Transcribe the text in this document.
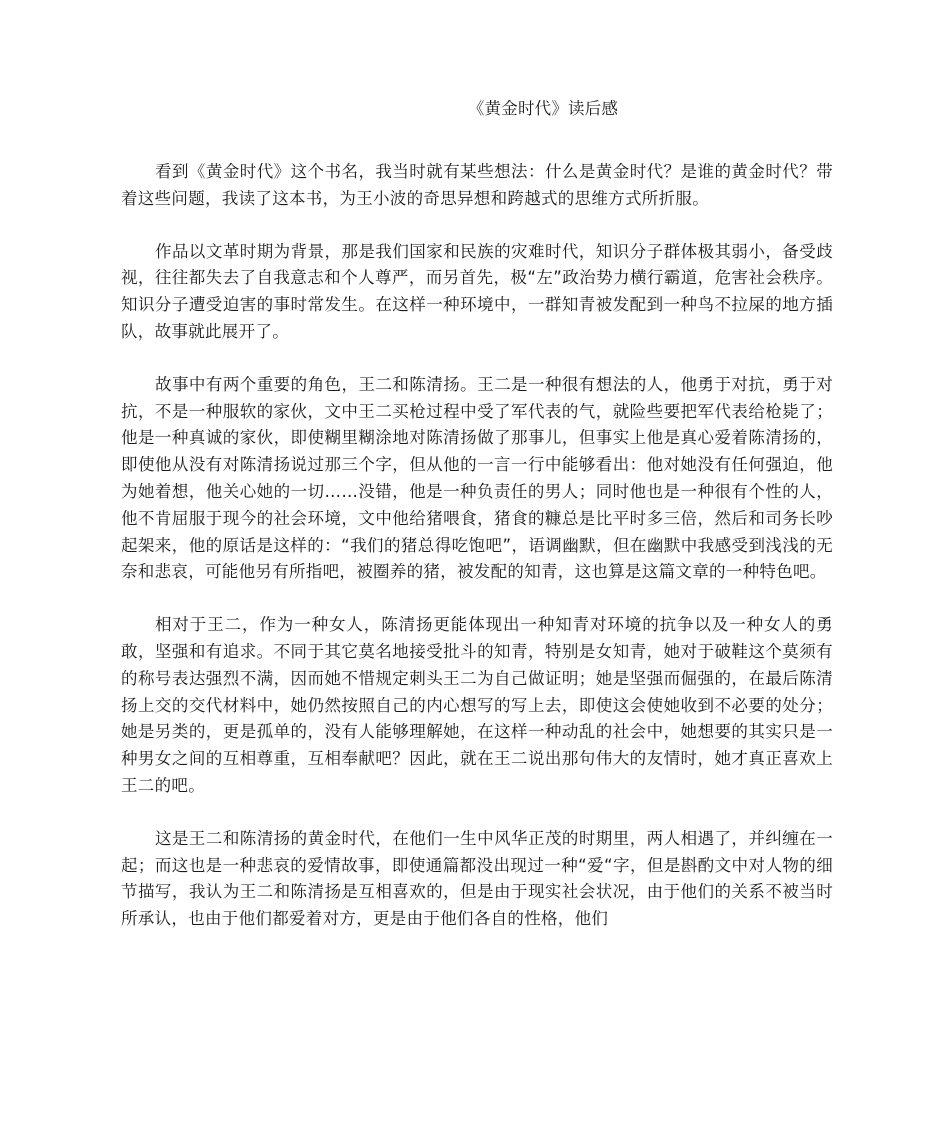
《黄金时代》读后感

看到《黄金时代》这个书名，我当时就有某些想法：什么是黄金时代？是谁的黄金时代？带着这些问题，我读了这本书，为王小波的奇思异想和跨越式的思维方式所折服。

作品以文革时期为背景，那是我们国家和民族的灾难时代，知识分子群体极其弱小，备受歧视，往往都失去了自我意志和个人尊严，而另首先，极“左”政治势力横行霸道，危害社会秩序。知识分子遭受迫害的事时常发生。在这样一种环境中，一群知青被发配到一种鸟不拉屎的地方插队，故事就此展开了。

故事中有两个重要的角色，王二和陈清扬。王二是一种很有想法的人，他勇于对抗，勇于对抗，不是一种服软的家伙，文中王二买枪过程中受了军代表的气，就险些要把军代表给枪毙了；他是一种真诚的家伙，即使糊里糊涂地对陈清扬做了那事儿，但事实上他是真心爱着陈清扬的，即使他从没有对陈清扬说过那三个字，但从他的一言一行中能够看出：他对她没有任何强迫，他为她着想，他关心她的一切……没错，他是一种负责任的男人；同时他也是一种很有个性的人，他不肯屈服于现今的社会环境，文中他给猪喂食，猪食的糠总是比平时多三倍，然后和司务长吵起架来，他的原话是这样的：“我们的猪总得吃饱吧”，语调幽默，但在幽默中我感受到浅浅的无奈和悲哀，可能他另有所指吧，被圈养的猪，被发配的知青，这也算是这篇文章的一种特色吧。

相对于王二，作为一种女人，陈清扬更能体现出一种知青对环境的抗争以及一种女人的勇敢，坚强和有追求。不同于其它莫名地接受批斗的知青，特别是女知青，她对于破鞋这个莫须有的称号表达强烈不满，因而她不惜规定刺头王二为自己做证明；她是坚强而倔强的，在最后陈清扬上交的交代材料中，她仍然按照自己的内心想写的写上去，即使这会使她收到不必要的处分；她是另类的，更是孤单的，没有人能够理解她，在这样一种动乱的社会中，她想要的其实只是一种男女之间的互相尊重，互相奉献吧？因此，就在王二说出那句伟大的友情时，她才真正喜欢上王二的吧。

这是王二和陈清扬的黄金时代，在他们一生中风华正茂的时期里，两人相遇了，并纠缠在一起；而这也是一种悲哀的爱情故事，即使通篇都没出现过一种“爱“字，但是斟酌文中对人物的细节描写，我认为王二和陈清扬是互相喜欢的，但是由于现实社会状况，由于他们的关系不被当时所承认，也由于他们都爱着对方，更是由于他们各自的性格，他们
